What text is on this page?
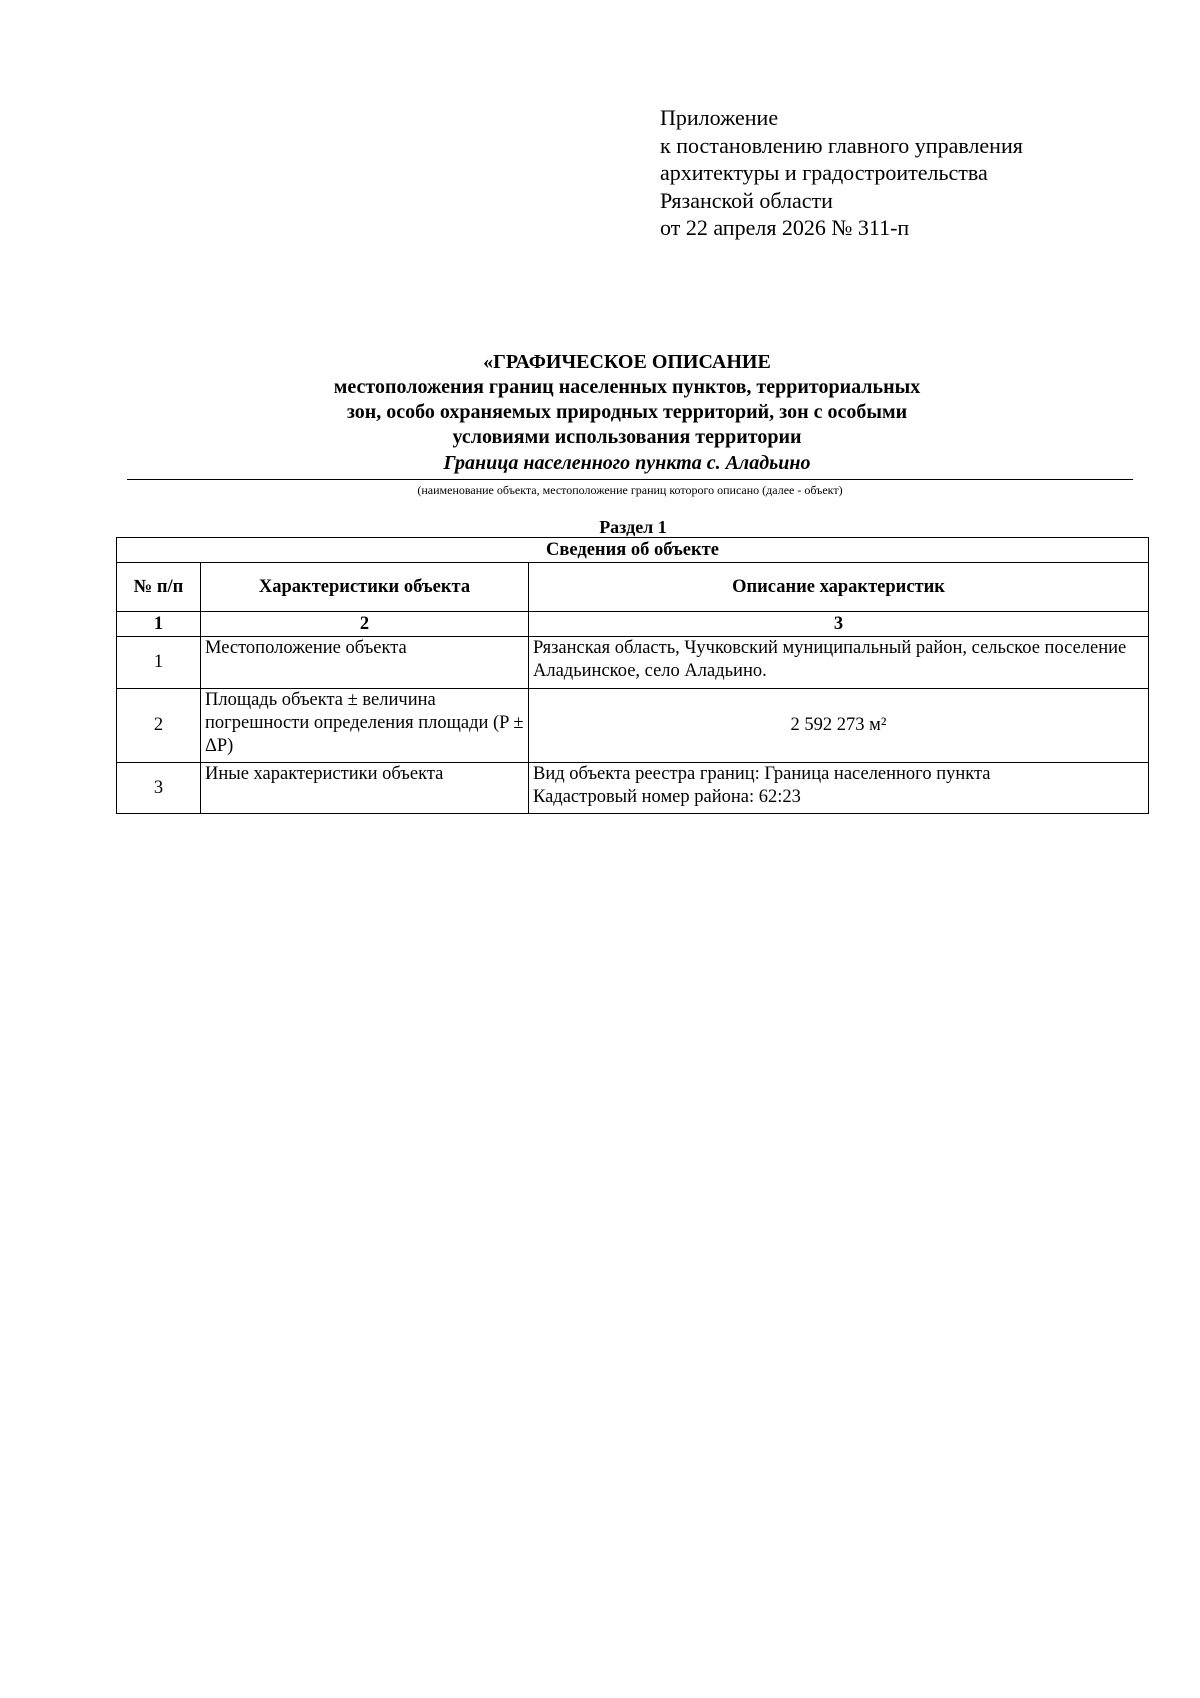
Приложение
к постановлению главного управления
архитектуры и градостроительства
Рязанской области
от 22 апреля 2026 № 311-п
«ГРАФИЧЕСКОЕ ОПИСАНИЕ
местоположения границ населенных пунктов, территориальных
зон, особо охраняемых природных территорий, зон с особыми
условиями использования территории
Граница населенного пункта с. Аладьино
(наименование объекта, местоположение границ которого описано (далее - объект)
Раздел 1
Сведения об объекте		
№ п/п	Характеристики объекта	Описание характеристик
1	2	3
1	Местоположение объекта	Рязанская область, Чучковский муниципальный район, сельское поселение Аладьинское, село Аладьино.
2	Площадь объекта ± величина погрешности определения площади (P ± ΔP)	2 592 273 м²
3	Иные характеристики объекта	Вид объекта реестра границ: Граница населенного пункта
Кадастровый номер района: 62:23
